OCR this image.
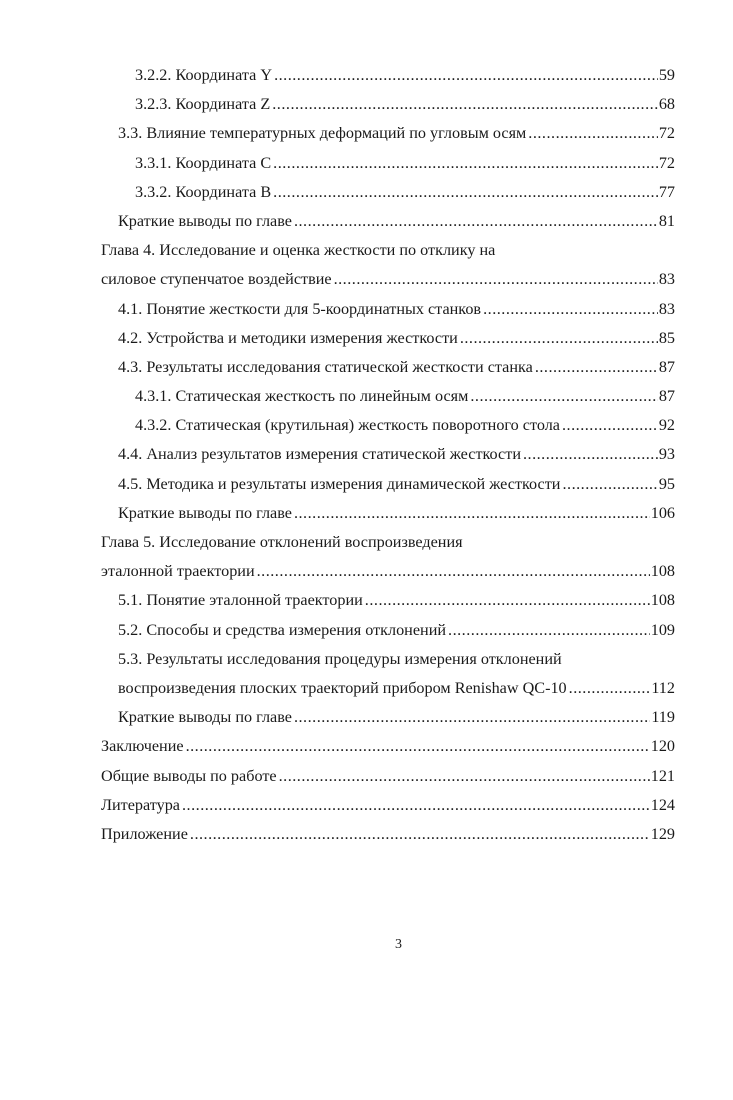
3.2.2. Координата Y .....	59
3.2.3. Координата Z .....	68
3.3. Влияние температурных деформаций по угловым осям .....	72
3.3.1. Координата C .....	72
3.3.2. Координата B .....	77
Краткие выводы по главе .....	81
Глава 4. Исследование и оценка жесткости по отклику на
силовое ступенчатое воздействие .....	83
4.1. Понятие жесткости для 5-координатных станков .....	83
4.2. Устройства и методики измерения жесткости .....	85
4.3. Результаты исследования статической жесткости станка .....	87
4.3.1. Статическая жесткость по линейным осям .....	87
4.3.2. Статическая (крутильная) жесткость поворотного стола .....	92
4.4. Анализ результатов измерения статической жесткости .....	93
4.5. Методика и результаты измерения динамической жесткости .....	95
Краткие выводы по главе .....	106
Глава 5. Исследование отклонений воспроизведения
эталонной траектории .....	108
5.1. Понятие эталонной траектории .....	108
5.2. Способы и средства измерения отклонений .....	109
5.3. Результаты исследования процедуры измерения отклонений
воспроизведения плоских траекторий прибором Renishaw QC-10 .....	112
Краткие выводы по главе .....	119
Заключение .....	120
Общие выводы по работе .....	121
Литература .....	124
Приложение .....	129
3
